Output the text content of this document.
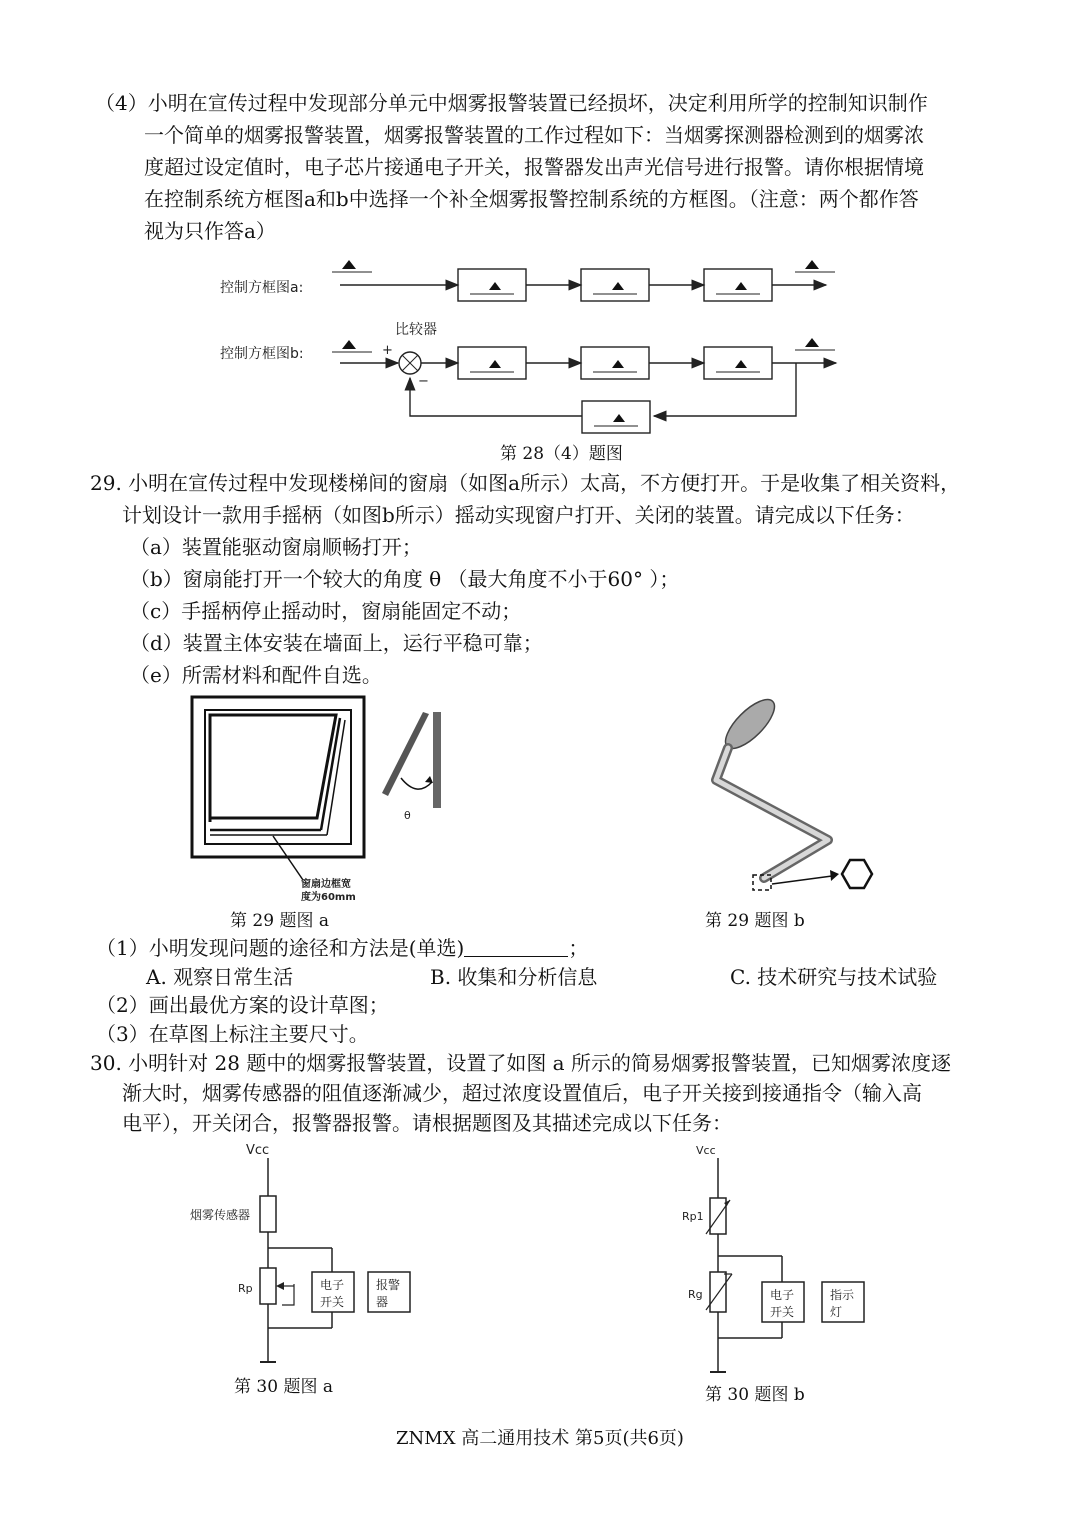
（4）小明在宣传过程中发现部分单元中烟雾报警装置已经损坏，决定利用所学的控制知识制作
一个简单的烟雾报警装置，烟雾报警装置的工作过程如下：当烟雾探测器检测到的烟雾浓
度超过设定值时，电子芯片接通电子开关，报警器发出声光信号进行报警。请你根据情境
在控制系统方框图a和b中选择一个补全烟雾报警控制系统的方框图。（注意：两个都作答
视为只作答a）
控制方框图a:
比较器
控制方框图b:	+
−
第 28（4）题图
29. 小明在宣传过程中发现楼梯间的窗扇（如图a所示）太高，不方便打开。于是收集了相关资料，
计划设计一款用手摇柄（如图b所示）摇动实现窗户打开、关闭的装置。请完成以下任务：
（a）装置能驱动窗扇顺畅打开；
（b）窗扇能打开一个较大的角度 θ （最大角度不小于60° ）；
（c）手摇柄停止摇动时，窗扇能固定不动；
（d）装置主体安装在墙面上，运行平稳可靠；
（e）所需材料和配件自选。
θ
窗扇边框宽
度为60mm
第 29 题图 a	第 29 题图 b
（1）小明发现问题的途径和方法是(单选)	；
A. 观察日常生活	B. 收集和分析信息	C. 技术研究与技术试验
（2）画出最优方案的设计草图；
（3）在草图上标注主要尺寸。
30. 小明针对 28 题中的烟雾报警装置，设置了如图 a 所示的简易烟雾报警装置，已知烟雾浓度逐
渐大时，烟雾传感器的阻值逐渐减少，超过浓度设置值后，电子开关接到接通指令（输入高
电平），开关闭合，报警器报警。请根据题图及其描述完成以下任务：
Vcc
烟雾传感器
Rp	电子
开关
报警
器
第 30 题图 a
Vcc
Rp1
Rg	电子
开关
指示
灯
第 30 题图 b
ZNMX 高二通用技术 第5页(共6页)
